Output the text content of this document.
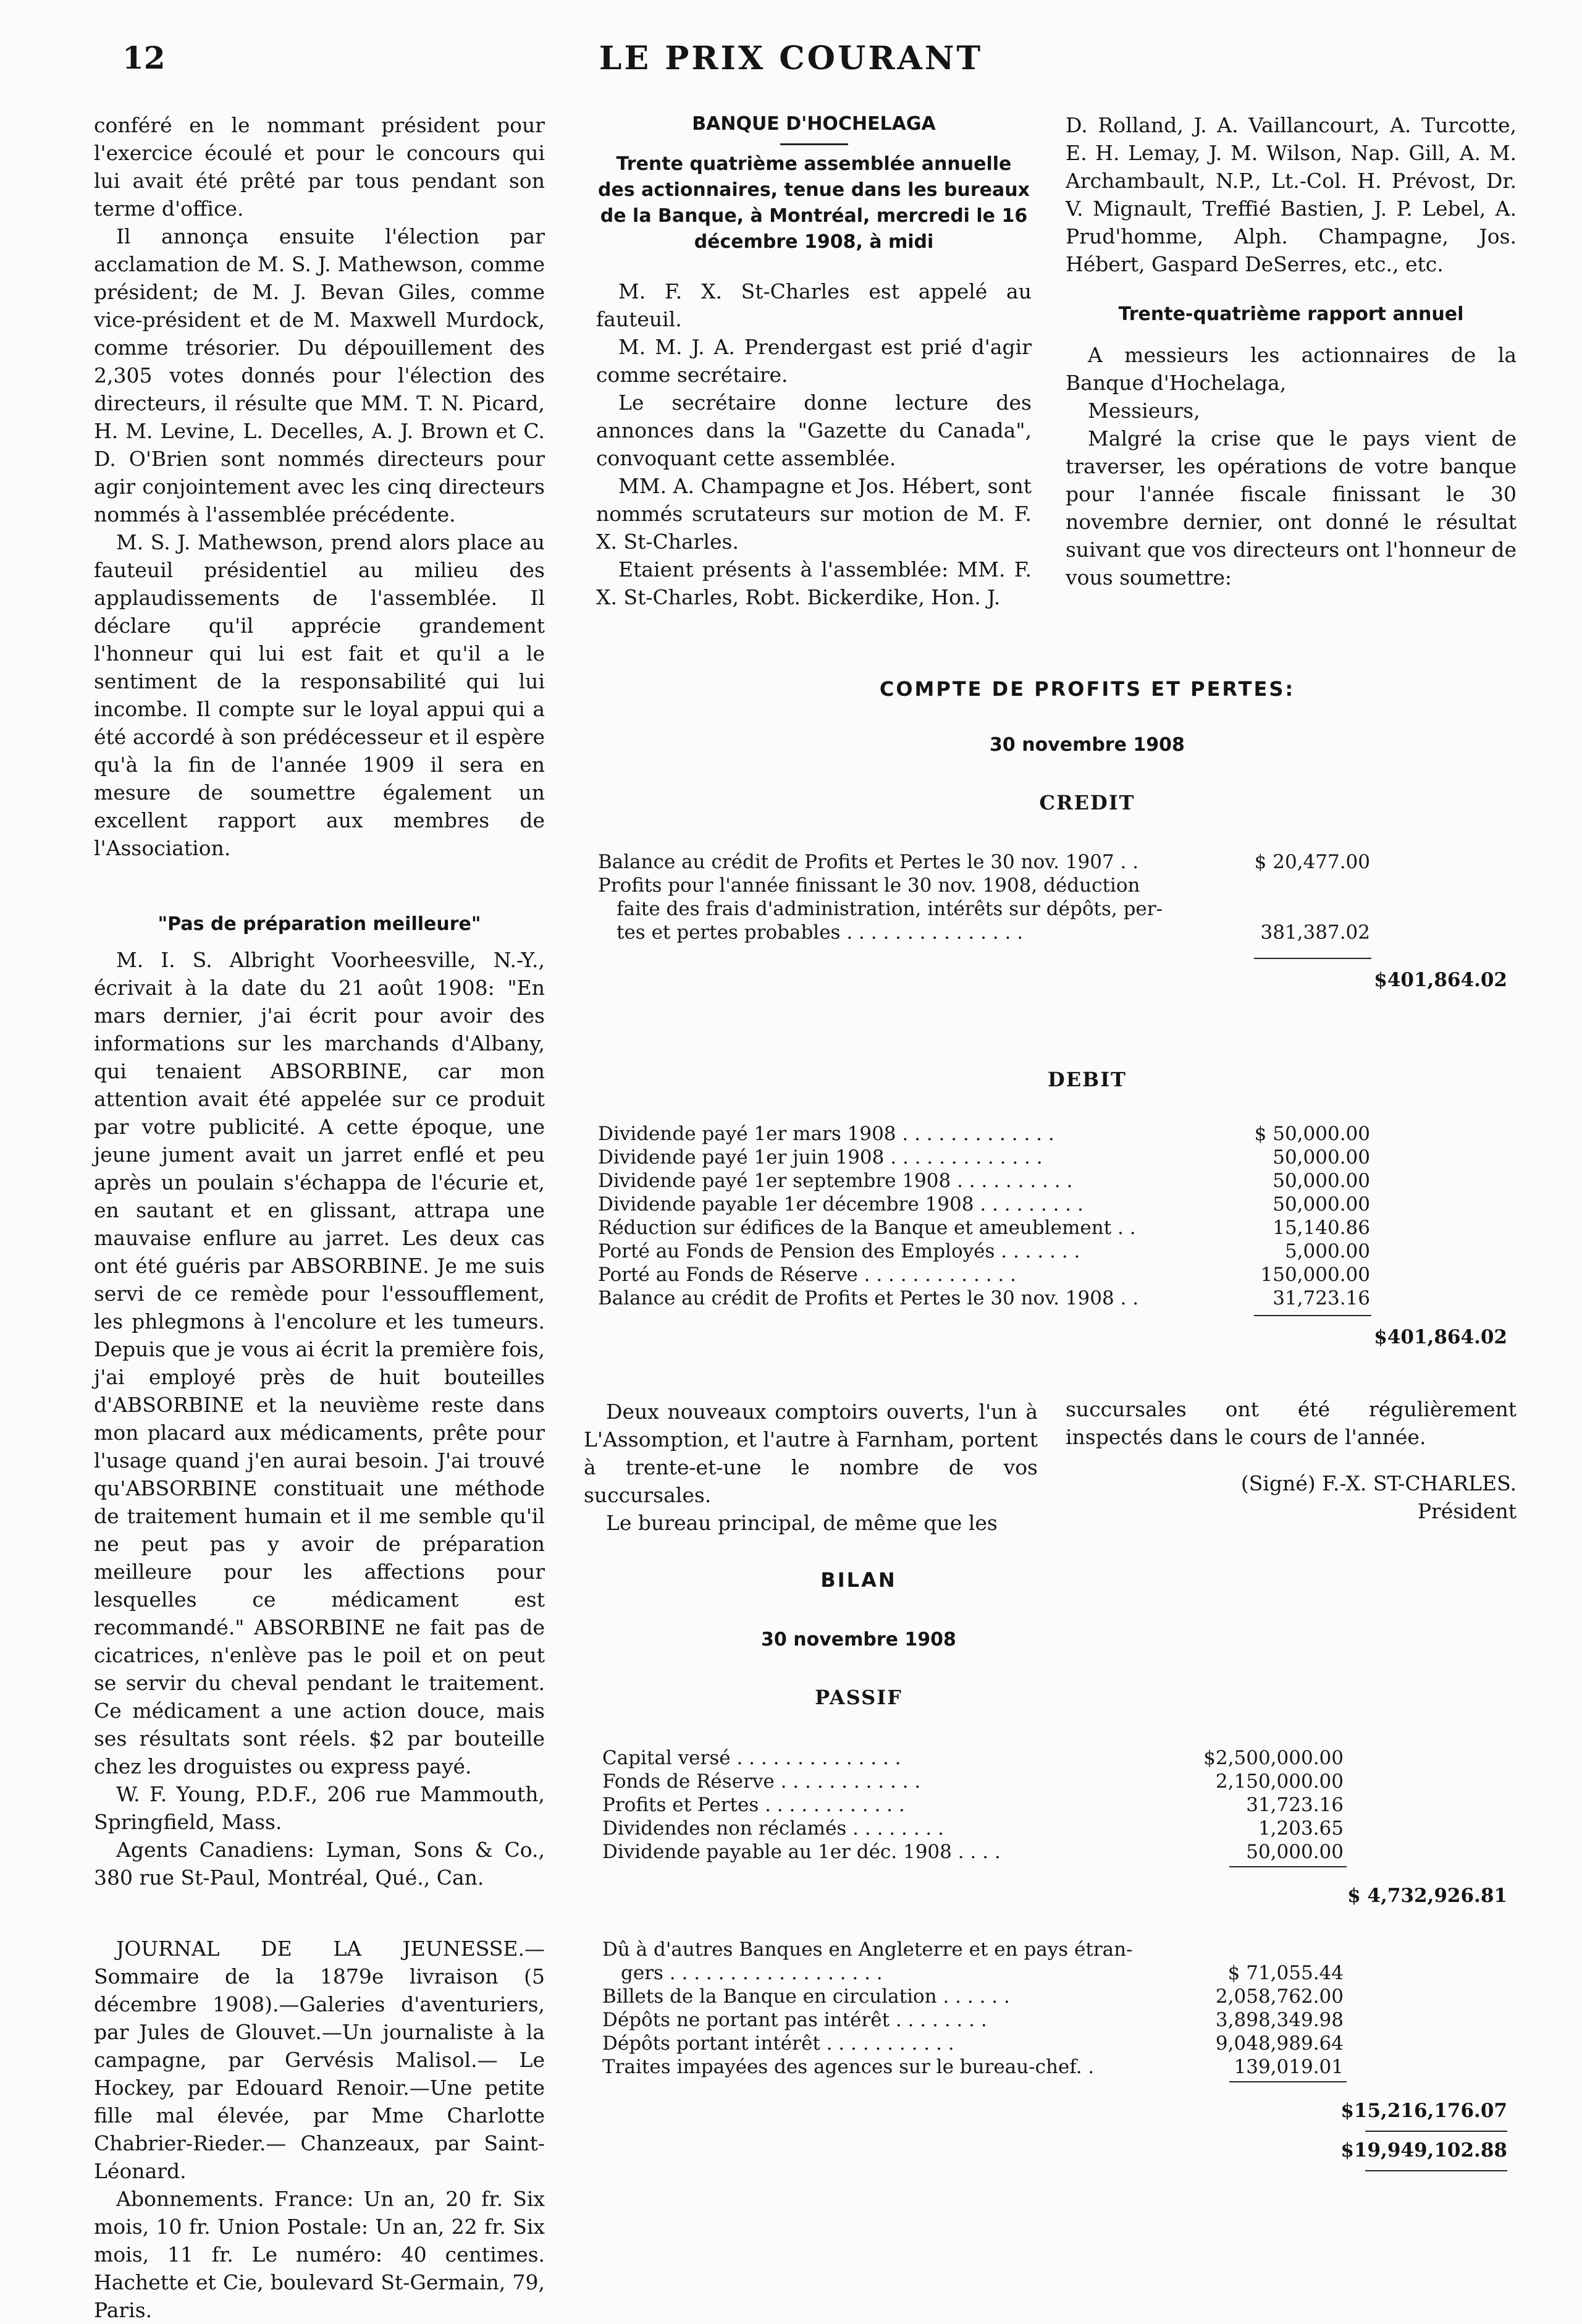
12	LE PRIX COURANT

conféré en le nommant président pour l'exercice écoulé et pour le concours qui lui avait été prêté par tous pendant son terme d'office.

Il annonça ensuite l'élection par acclamation de M. S. J. Mathewson, comme président; de M. J. Bevan Giles, comme vice-président et de M. Maxwell Murdock, comme trésorier. Du dépouillement des 2,305 votes donnés pour l'élection des directeurs, il résulte que MM. T. N. Picard, H. M. Levine, L. Decelles, A. J. Brown et C. D. O'Brien sont nommés directeurs pour agir conjointement avec les cinq directeurs nommés à l'assemblée précédente.

M. S. J. Mathewson, prend alors place au fauteuil présidentiel au milieu des applaudissements de l'assemblée. Il déclare qu'il apprécie grandement l'honneur qui lui est fait et qu'il a le sentiment de la responsabilité qui lui incombe. Il compte sur le loyal appui qui a été accordé à son prédécesseur et il espère qu'à la fin de l'année 1909 il sera en mesure de soumettre également un excellent rapport aux membres de l'Association.

"Pas de préparation meilleure"

M. I. S. Albright Voorheesville, N.-Y., écrivait à la date du 21 août 1908: "En mars dernier, j'ai écrit pour avoir des informations sur les marchands d'Albany, qui tenaient ABSORBINE, car mon attention avait été appelée sur ce produit par votre publicité. A cette époque, une jeune jument avait un jarret enflé et peu après un poulain s'échappa de l'écurie et, en sautant et en glissant, attrapa une mauvaise enflure au jarret. Les deux cas ont été guéris par ABSORBINE. Je me suis servi de ce remède pour l'essoufflement, les phlegmons à l'encolure et les tumeurs. Depuis que je vous ai écrit la première fois, j'ai employé près de huit bouteilles d'ABSORBINE et la neuvième reste dans mon placard aux médicaments, prête pour l'usage quand j'en aurai besoin. J'ai trouvé qu'ABSORBINE constituait une méthode de traitement humain et il me semble qu'il ne peut pas y avoir de préparation meilleure pour les affections pour lesquelles ce médicament est recommandé." ABSORBINE ne fait pas de cicatrices, n'enlève pas le poil et on peut se servir du cheval pendant le traitement. Ce médicament a une action douce, mais ses résultats sont réels. $2 par bouteille chez les droguistes ou express payé.

W. F. Young, P.D.F., 206 rue Mammouth, Springfield, Mass.

Agents Canadiens: Lyman, Sons & Co., 380 rue St-Paul, Montréal, Qué., Can.

JOURNAL DE LA JEUNESSE.—Sommaire de la 1879e livraison (5 décembre 1908).—Galeries d'aventuriers, par Jules de Glouvet.—Un journaliste à la campagne, par Gervésis Malisol.— Le Hockey, par Edouard Renoir.—Une petite fille mal élevée, par Mme Charlotte Chabrier-Rieder.— Chanzeaux, par Saint-Léonard.

Abonnements. France: Un an, 20 fr. Six mois, 10 fr. Union Postale: Un an, 22 fr. Six mois, 11 fr. Le numéro: 40 centimes. Hachette et Cie, boulevard St-Germain, 79, Paris.

BANQUE D'HOCHELAGA

Trente quatrième assemblée annuelle des actionnaires, tenue dans les bureaux de la Banque, à Montréal, mercredi le 16 décembre 1908, à midi

M. F. X. St-Charles est appelé au fauteuil.

M. M. J. A. Prendergast est prié d'agir comme secrétaire.

Le secrétaire donne lecture des annonces dans la "Gazette du Canada", convoquant cette assemblée.

MM. A. Champagne et Jos. Hébert, sont nommés scrutateurs sur motion de M. F. X. St-Charles.

Etaient présents à l'assemblée: MM. F. X. St-Charles, Robt. Bickerdike, Hon. J.

D. Rolland, J. A. Vaillancourt, A. Turcotte, E. H. Lemay, J. M. Wilson, Nap. Gill, A. M. Archambault, N.P., Lt.-Col. H. Prévost, Dr. V. Mignault, Treffié Bastien, J. P. Lebel, A. Prud'homme, Alph. Champagne, Jos. Hébert, Gaspard DeSerres, etc., etc.

Trente-quatrième rapport annuel

A messieurs les actionnaires de la Banque d'Hochelaga,

Messieurs,

Malgré la crise que le pays vient de traverser, les opérations de votre banque pour l'année fiscale finissant le 30 novembre dernier, ont donné le résultat suivant que vos directeurs ont l'honneur de vous soumettre:

COMPTE DE PROFITS ET PERTES:
30 novembre 1908
CREDIT
Balance au crédit de Profits et Pertes le 30 nov. 1907 . .	$ 20,477.00
Profits pour l'année finissant le 30 nov. 1908, déduction
faite des frais d'administration, intérêts sur dépôts, per-
tes et pertes probables . . . . . . . . . . . . . . .	381,387.02
$401,864.02
DEBIT
Dividende payé 1er mars 1908 . . . . . . . . . . . . .	$ 50,000.00
Dividende payé 1er juin 1908 . . . . . . . . . . . . .	50,000.00
Dividende payé 1er septembre 1908 . . . . . . . . . .	50,000.00
Dividende payable 1er décembre 1908 . . . . . . . . .	50,000.00
Réduction sur édifices de la Banque et ameublement . .	15,140.86
Porté au Fonds de Pension des Employés . . . . . . .	5,000.00
Porté au Fonds de Réserve . . . . . . . . . . . . .	150,000.00
Balance au crédit de Profits et Pertes le 30 nov. 1908 . .	31,723.16
$401,864.02

Deux nouveaux comptoirs ouverts, l'un à L'Assomption, et l'autre à Farnham, portent à trente-et-une le nombre de vos succursales.

Le bureau principal, de même que les

succursales ont été régulièrement inspectés dans le cours de l'année.

(Signé) F.-X. ST-CHARLES.

Président

BILAN
30 novembre 1908
PASSIF
Capital versé . . . . . . . . . . . . . .	$2,500,000.00
Fonds de Réserve . . . . . . . . . . . .	2,150,000.00
Profits et Pertes . . . . . . . . . . . .	31,723.16
Dividendes non réclamés . . . . . . . .	1,203.65
Dividende payable au 1er déc. 1908 . . . .	50,000.00
$ 4,732,926.81
Dû à d'autres Banques en Angleterre et en pays étran-
gers . . . . . . . . . . . . . . . . . .	$ 71,055.44
Billets de la Banque en circulation . . . . . .	2,058,762.00
Dépôts ne portant pas intérêt . . . . . . . .	3,898,349.98
Dépôts portant intérêt . . . . . . . . . . .	9,048,989.64
Traites impayées des agences sur le bureau-chef. .	139,019.01
$15,216,176.07
$19,949,102.88
